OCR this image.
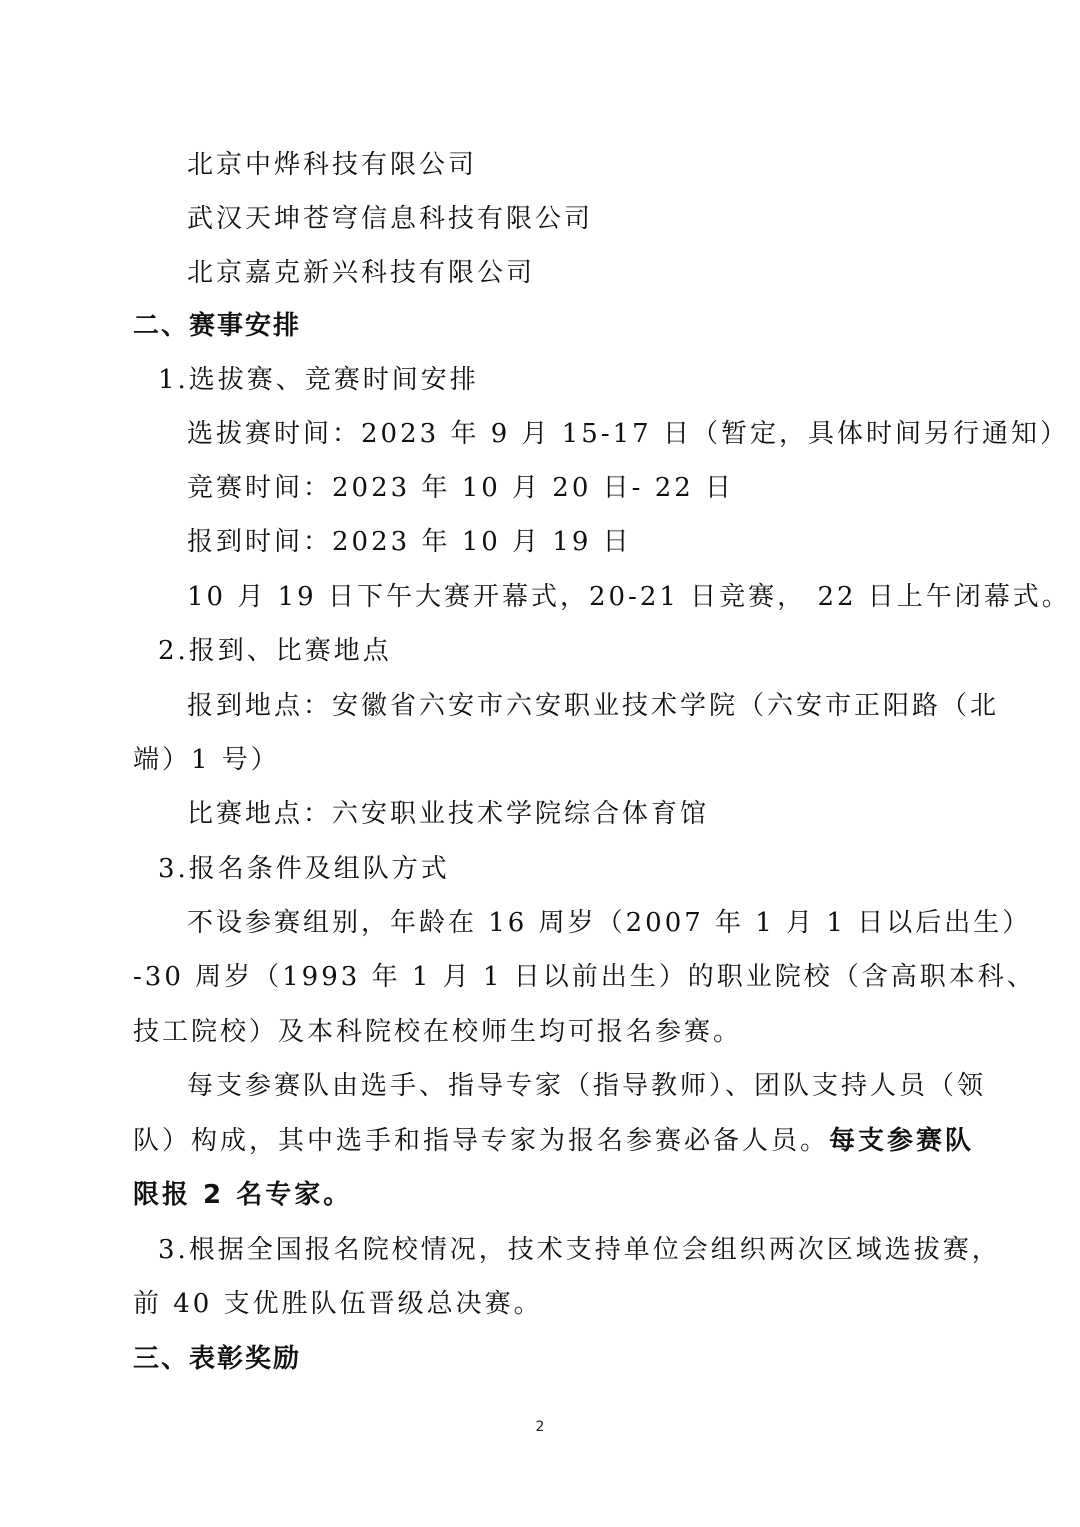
北京中烨科技有限公司
武汉天坤苍穹信息科技有限公司
北京嘉克新兴科技有限公司
二、赛事安排
1.选拔赛、竞赛时间安排
选拔赛时间：2023 年 9 月 15-17 日（暂定，具体时间另行通知）
竞赛时间：2023 年 10 月 20 日- 22 日
报到时间：2023 年 10 月 19 日
10 月 19 日下午大赛开幕式，20-21 日竞赛， 22 日上午闭幕式。
2.报到、比赛地点
报到地点：安徽省六安市六安职业技术学院（六安市正阳路（北
端）1 号）
比赛地点：六安职业技术学院综合体育馆
3.报名条件及组队方式
不设参赛组别，年龄在 16 周岁（2007 年 1 月 1 日以后出生）
-30 周岁（1993 年 1 月 1 日以前出生）的职业院校（含高职本科、
技工院校）及本科院校在校师生均可报名参赛。
每支参赛队由选手、指导专家（指导教师）、团队支持人员（领
队）构成，其中选手和指导专家为报名参赛必备人员。每支参赛队
限报 2 名专家。
3.根据全国报名院校情况，技术支持单位会组织两次区域选拔赛，
前 40 支优胜队伍晋级总决赛。
三、表彰奖励
2
